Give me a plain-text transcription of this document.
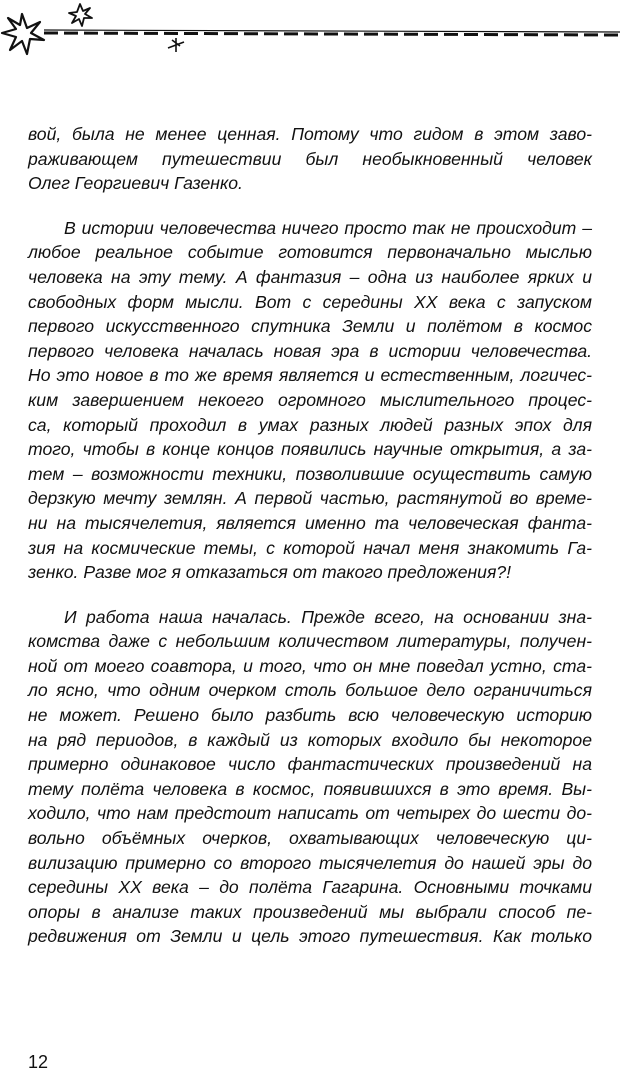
вой, была не менее ценная. Потому что гидом в этом заво-
раживающем путешествии был необыкновенный человек
Олег Георгиевич Газенко.

В истории человечества ничего просто так не происходит –
любое реальное событие готовится первоначально мыслью
человека на эту тему. А фантазия – одна из наиболее ярких и
свободных форм мысли. Вот с середины XX века с запуском
первого искусственного спутника Земли и полётом в космос
первого человека началась новая эра в истории человечества.
Но это новое в то же время является и естественным, логичес-
ким завершением некоего огромного мыслительного процес-
са, который проходил в умах разных людей разных эпох для
того, чтобы в конце концов появились научные открытия, а за-
тем – возможности техники, позволившие осуществить самую
дерзкую мечту землян. А первой частью, растянутой во време-
ни на тысячелетия, является именно та человеческая фанта-
зия на космические темы, с которой начал меня знакомить Га-
зенко. Разве мог я отказаться от такого предложения?!

И работа наша началась. Прежде всего, на основании зна-
комства даже с небольшим количеством литературы, получен-
ной от моего соавтора, и того, что он мне поведал устно, ста-
ло ясно, что одним очерком столь большое дело ограничиться
не может. Решено было разбить всю человеческую историю
на ряд периодов, в каждый из которых входило бы некоторое
примерно одинаковое число фантастических произведений на
тему полёта человека в космос, появившихся в это время. Вы-
ходило, что нам предстоит написать от четырех до шести до-
вольно объёмных очерков, охватывающих человеческую ци-
вилизацию примерно со второго тысячелетия до нашей эры до
середины XX века – до полёта Гагарина. Основными точками
опоры в анализе таких произведений мы выбрали способ пе-
редвижения от Земли и цель этого путешествия. Как только

12
